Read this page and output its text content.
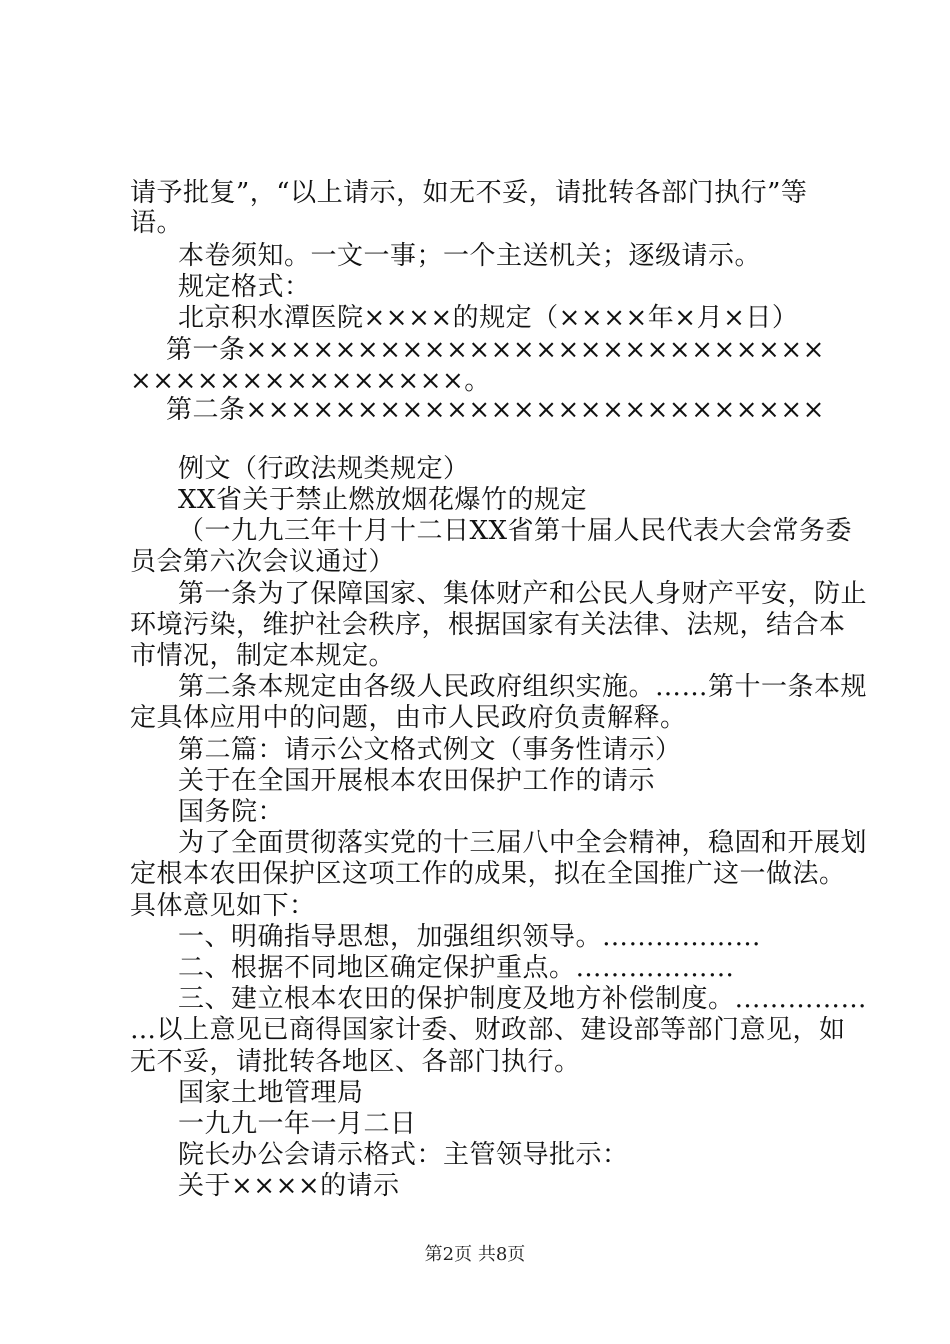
请予批复”，“以上请示，如无不妥，请批转各部门执行”等
语。
本卷须知。一文一事；一个主送机关；逐级请示。
规定格式：
北京积水潭医院××××的规定（××××年×月×日）
第一条××××××××××××××××××××××××××
×××××××××××××××。
第二条××××××××××××××××××××××××××
例文（行政法规类规定）
XX省关于禁止燃放烟花爆竹的规定
（一九九三年十月十二日XX省第十届人民代表大会常务委
员会第六次会议通过）
第一条为了保障国家、集体财产和公民人身财产平安，防止
环境污染，维护社会秩序，根据国家有关法律、法规，结合本
市情况，制定本规定。
第二条本规定由各级人民政府组织实施。……第十一条本规
定具体应用中的问题，由市人民政府负责解释。
第二篇：请示公文格式例文（事务性请示）
关于在全国开展根本农田保护工作的请示
国务院：
为了全面贯彻落实党的十三届八中全会精神，稳固和开展划
定根本农田保护区这项工作的成果，拟在全国推广这一做法。
具体意见如下：
一、明确指导思想，加强组织领导。………………
二、根据不同地区确定保护重点。………………
三、建立根本农田的保护制度及地方补偿制度。……………
…以上意见已商得国家计委、财政部、建设部等部门意见，如
无不妥，请批转各地区、各部门执行。
国家土地管理局
一九九一年一月二日
院长办公会请示格式：主管领导批示：
关于××××的请示
第2页 共8页
